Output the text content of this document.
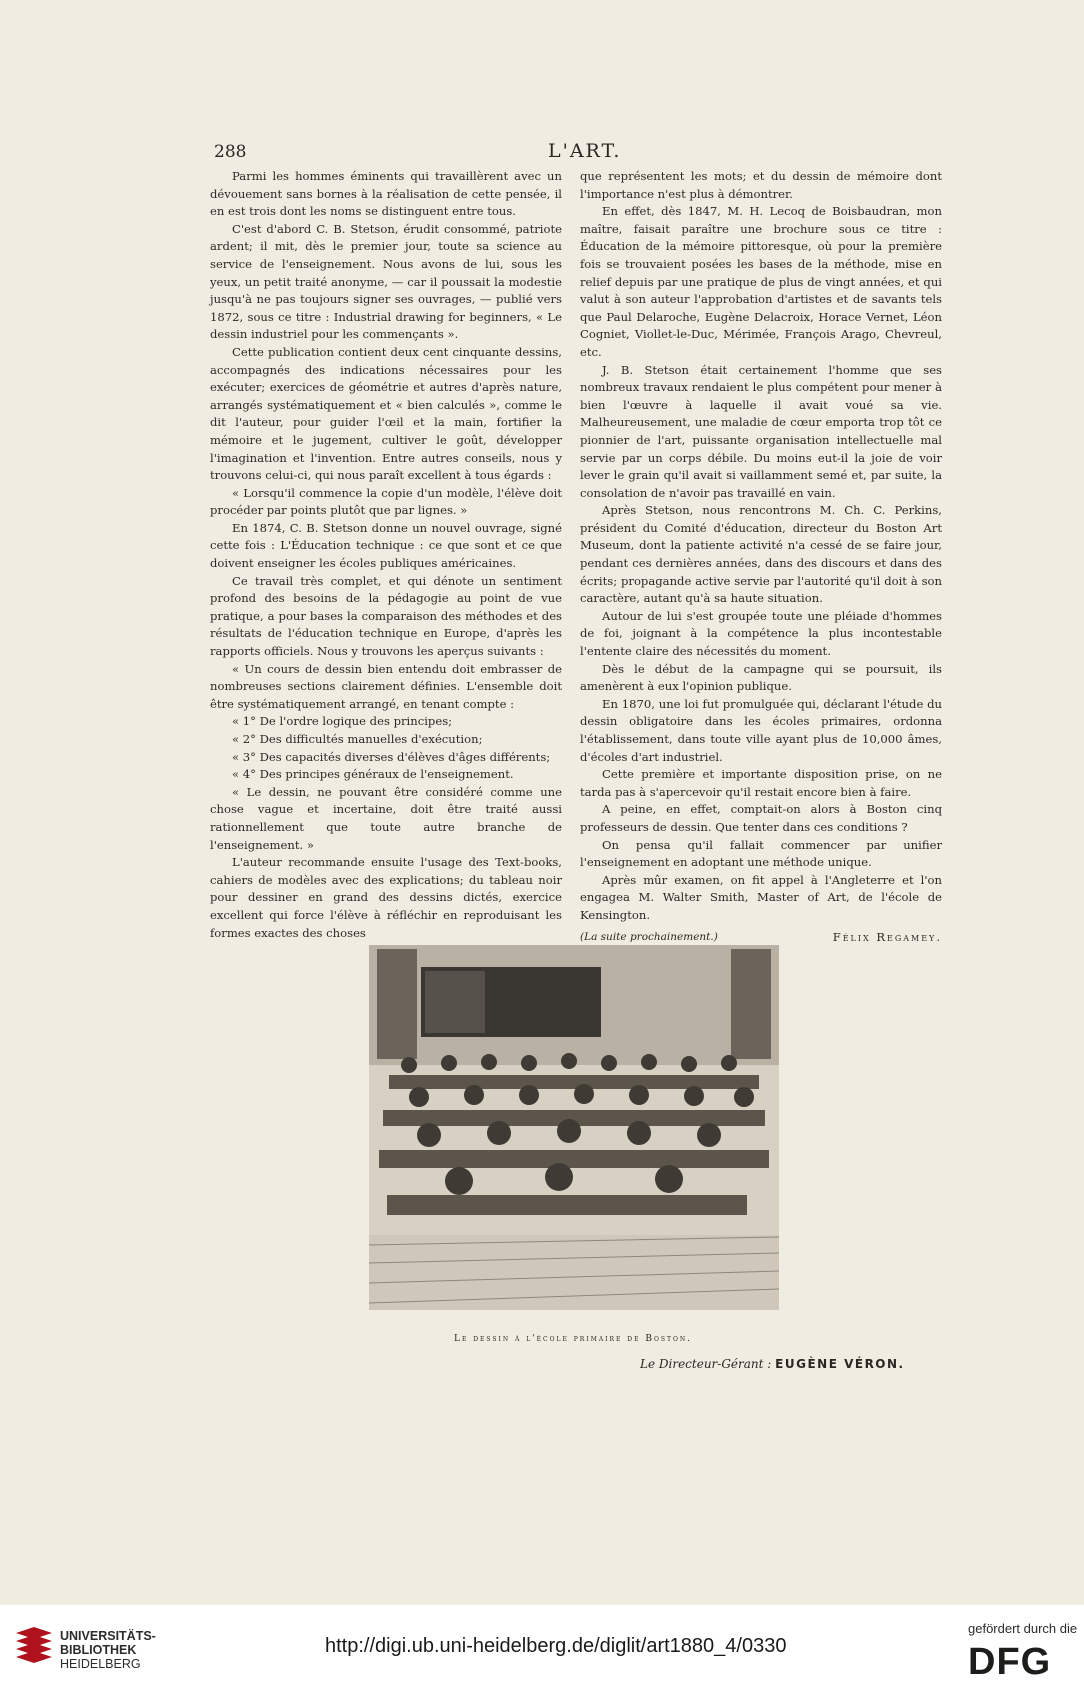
288	L'ART.

Parmi les hommes éminents qui travaillèrent avec un dévouement sans bornes à la réalisation de cette pensée, il en est trois dont les noms se distinguent entre tous.

C'est d'abord C. B. Stetson, érudit consommé, patriote ardent; il mit, dès le premier jour, toute sa science au service de l'enseignement. Nous avons de lui, sous les yeux, un petit traité anonyme, — car il poussait la modestie jusqu'à ne pas toujours signer ses ouvrages, — publié vers 1872, sous ce titre : Industrial drawing for beginners, « Le dessin industriel pour les commençants ».

Cette publication contient deux cent cinquante dessins, accompagnés des indications nécessaires pour les exécuter; exercices de géométrie et autres d'après nature, arrangés systématiquement et « bien calculés », comme le dit l'auteur, pour guider l'œil et la main, fortifier la mémoire et le jugement, cultiver le goût, développer l'imagination et l'invention. Entre autres conseils, nous y trouvons celui-ci, qui nous paraît excellent à tous égards :

« Lorsqu'il commence la copie d'un modèle, l'élève doit procéder par points plutôt que par lignes. »

En 1874, C. B. Stetson donne un nouvel ouvrage, signé cette fois : L'Éducation technique : ce que sont et ce que doivent enseigner les écoles publiques américaines.

Ce travail très complet, et qui dénote un sentiment profond des besoins de la pédagogie au point de vue pratique, a pour bases la comparaison des méthodes et des résultats de l'éducation technique en Europe, d'après les rapports officiels. Nous y trouvons les aperçus suivants :

« Un cours de dessin bien entendu doit embrasser de nombreuses sections clairement définies. L'ensemble doit être systématiquement arrangé, en tenant compte :

« 1° De l'ordre logique des principes;

« 2° Des difficultés manuelles d'exécution;

« 3° Des capacités diverses d'élèves d'âges différents;

« 4° Des principes généraux de l'enseignement.

« Le dessin, ne pouvant être considéré comme une chose vague et incertaine, doit être traité aussi rationnellement que toute autre branche de l'enseignement. »

L'auteur recommande ensuite l'usage des Text-books, cahiers de modèles avec des explications; du tableau noir pour dessiner en grand des dessins dictés, exercice excellent qui force l'élève à réfléchir en reproduisant les formes exactes des choses

que représentent les mots; et du dessin de mémoire dont l'importance n'est plus à démontrer.

En effet, dès 1847, M. H. Lecoq de Boisbaudran, mon maître, faisait paraître une brochure sous ce titre : Éducation de la mémoire pittoresque, où pour la première fois se trouvaient posées les bases de la méthode, mise en relief depuis par une pratique de plus de vingt années, et qui valut à son auteur l'approbation d'artistes et de savants tels que Paul Delaroche, Eugène Delacroix, Horace Vernet, Léon Cogniet, Viollet-le-Duc, Mérimée, François Arago, Chevreul, etc.

J. B. Stetson était certainement l'homme que ses nombreux travaux rendaient le plus compétent pour mener à bien l'œuvre à laquelle il avait voué sa vie. Malheureusement, une maladie de cœur emporta trop tôt ce pionnier de l'art, puissante organisation intellectuelle mal servie par un corps débile. Du moins eut-il la joie de voir lever le grain qu'il avait si vaillamment semé et, par suite, la consolation de n'avoir pas travaillé en vain.

Après Stetson, nous rencontrons M. Ch. C. Perkins, président du Comité d'éducation, directeur du Boston Art Museum, dont la patiente activité n'a cessé de se faire jour, pendant ces dernières années, dans des discours et dans des écrits; propagande active servie par l'autorité qu'il doit à son caractère, autant qu'à sa haute situation.

Autour de lui s'est groupée toute une pléiade d'hommes de foi, joignant à la compétence la plus incontestable l'entente claire des nécessités du moment.

Dès le début de la campagne qui se poursuit, ils amenèrent à eux l'opinion publique.

En 1870, une loi fut promulguée qui, déclarant l'étude du dessin obligatoire dans les écoles primaires, ordonna l'établissement, dans toute ville ayant plus de 10,000 âmes, d'écoles d'art industriel.

Cette première et importante disposition prise, on ne tarda pas à s'apercevoir qu'il restait encore bien à faire.

A peine, en effet, comptait-on alors à Boston cinq professeurs de dessin. Que tenter dans ces conditions ?

On pensa qu'il fallait commencer par unifier l'enseignement en adoptant une méthode unique.

Après mûr examen, on fit appel à l'Angleterre et l'on engagea M. Walter Smith, Master of Art, de l'école de Kensington.

(La suite prochainement.)	Félix Regamey.
Le dessin à l'école primaire de Boston.
Le Directeur-Gérant : EUGÈNE VÉRON.
UNIVERSITÄTS-
BIBLIOTHEK
HEIDELBERG
http://digi.ub.uni-heidelberg.de/diglit/art1880_4/0330
gefördert durch die
DFG
